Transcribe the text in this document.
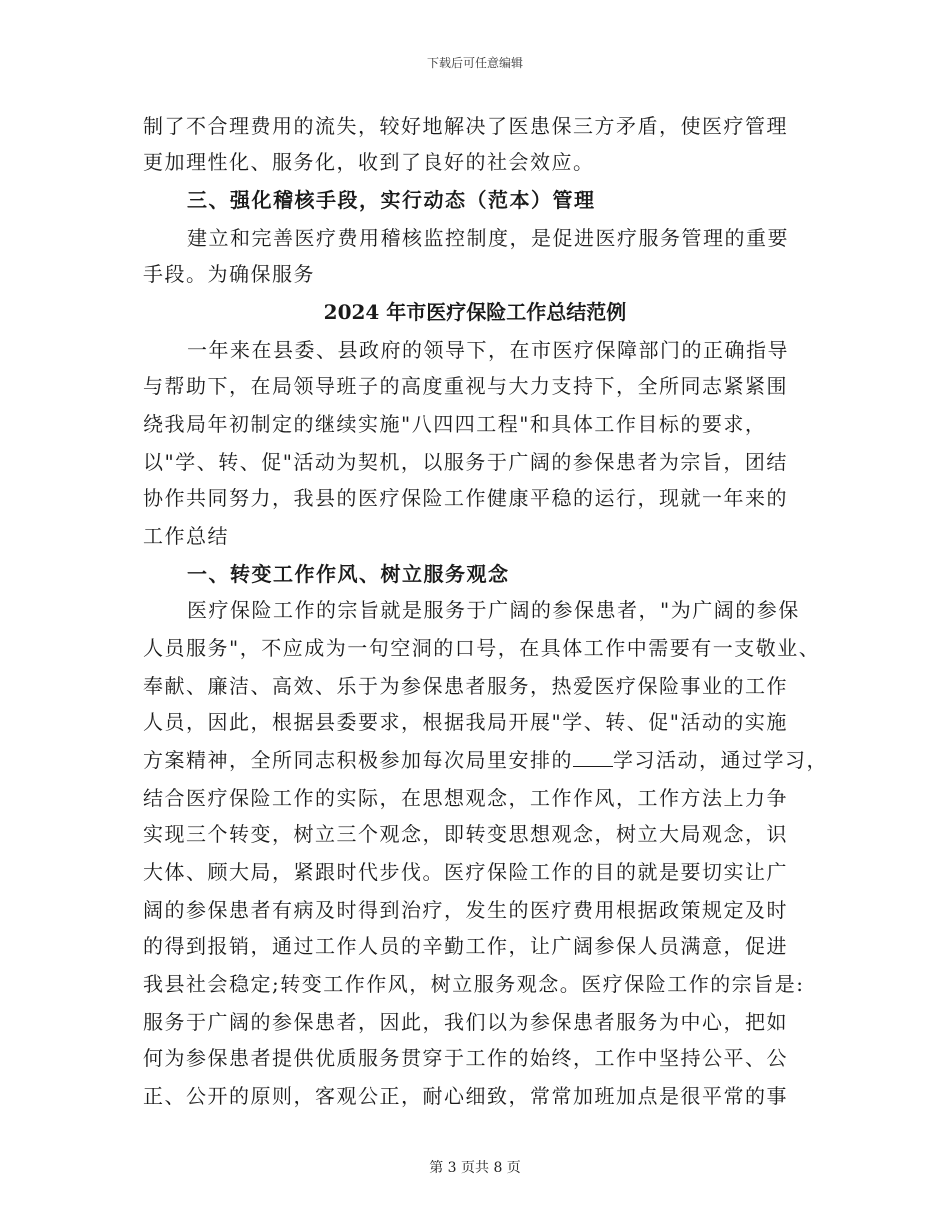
下载后可任意编辑
制了不合理费用的流失，较好地解决了医患保三方矛盾，使医疗管理
更加理性化、服务化，收到了良好的社会效应。
三、强化稽核手段，实行动态（范本）管理
建立和完善医疗费用稽核监控制度，是促进医疗服务管理的重要
手段。为确保服务
2024 年市医疗保险工作总结范例
一年来在县委、县政府的领导下，在市医疗保障部门的正确指导
与帮助下，在局领导班子的高度重视与大力支持下，全所同志紧紧围
绕我局年初制定的继续实施"八四四工程"和具体工作目标的要求，
以"学、转、促"活动为契机，以服务于广阔的参保患者为宗旨，团结
协作共同努力，我县的医疗保险工作健康平稳的运行，现就一年来的
工作总结
一、转变工作作风、树立服务观念
医疗保险工作的宗旨就是服务于广阔的参保患者，"为广阔的参保
人员服务"，不应成为一句空洞的口号，在具体工作中需要有一支敬业、
奉献、廉洁、高效、乐于为参保患者服务，热爱医疗保险事业的工作
人员，因此，根据县委要求，根据我局开展"学、转、促"活动的实施
方案精神，全所同志积极参加每次局里安排的 学习活动，通过学习，
结合医疗保险工作的实际，在思想观念，工作作风，工作方法上力争
实现三个转变，树立三个观念，即转变思想观念，树立大局观念，识
大体、顾大局，紧跟时代步伐。医疗保险工作的目的就是要切实让广
阔的参保患者有病及时得到治疗，发生的医疗费用根据政策规定及时
的得到报销，通过工作人员的辛勤工作，让广阔参保人员满意，促进
我县社会稳定;转变工作作风，树立服务观念。医疗保险工作的宗旨是:
服务于广阔的参保患者，因此，我们以为参保患者服务为中心，把如
何为参保患者提供优质服务贯穿于工作的始终，工作中坚持公平、公
正、公开的原则，客观公正，耐心细致，常常加班加点是很平常的事
第 3 页共 8 页
